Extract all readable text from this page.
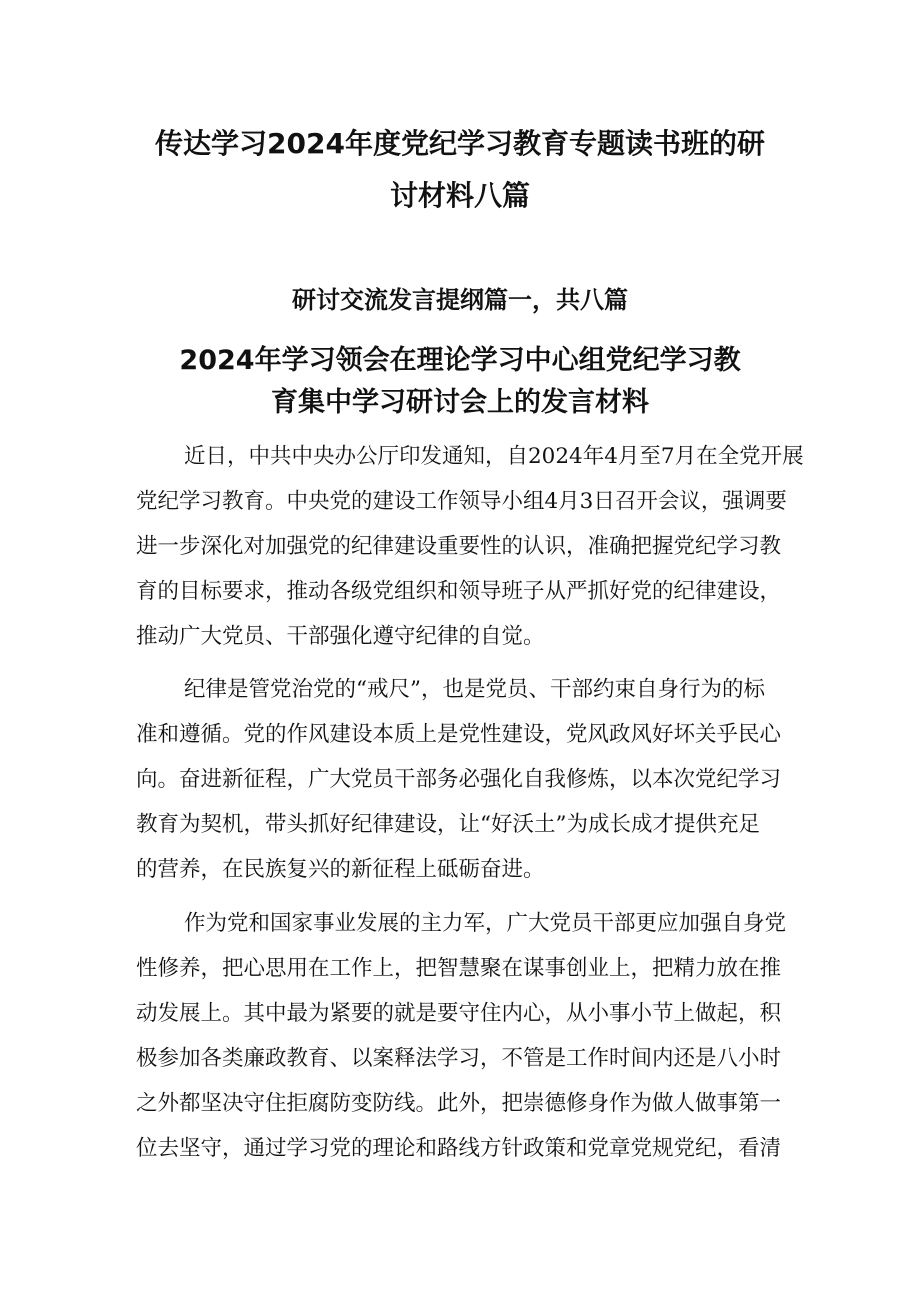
传达学习2024年度党纪学习教育专题读书班的研
讨材料八篇
研讨交流发言提纲篇一，共八篇
2024年学习领会在理论学习中心组党纪学习教
育集中学习研讨会上的发言材料
近日，中共中央办公厅印发通知，自2024年4月至7月在全党开展
党纪学习教育。中央党的建设工作领导小组4月3日召开会议，强调要
进一步深化对加强党的纪律建设重要性的认识，准确把握党纪学习教
育的目标要求，推动各级党组织和领导班子从严抓好党的纪律建设，
推动广大党员、干部强化遵守纪律的自觉。
纪律是管党治党的“戒尺”，也是党员、干部约束自身行为的标
准和遵循。党的作风建设本质上是党性建设，党风政风好坏关乎民心
向。奋进新征程，广大党员干部务必强化自我修炼，以本次党纪学习
教育为契机，带头抓好纪律建设，让“好沃土”为成长成才提供充足
的营养，在民族复兴的新征程上砥砺奋进。
作为党和国家事业发展的主力军，广大党员干部更应加强自身党
性修养，把心思用在工作上，把智慧聚在谋事创业上，把精力放在推
动发展上。其中最为紧要的就是要守住内心，从小事小节上做起，积
极参加各类廉政教育、以案释法学习，不管是工作时间内还是八小时
之外都坚决守住拒腐防变防线。此外，把崇德修身作为做人做事第一
位去坚守，通过学习党的理论和路线方针政策和党章党规党纪，看清
